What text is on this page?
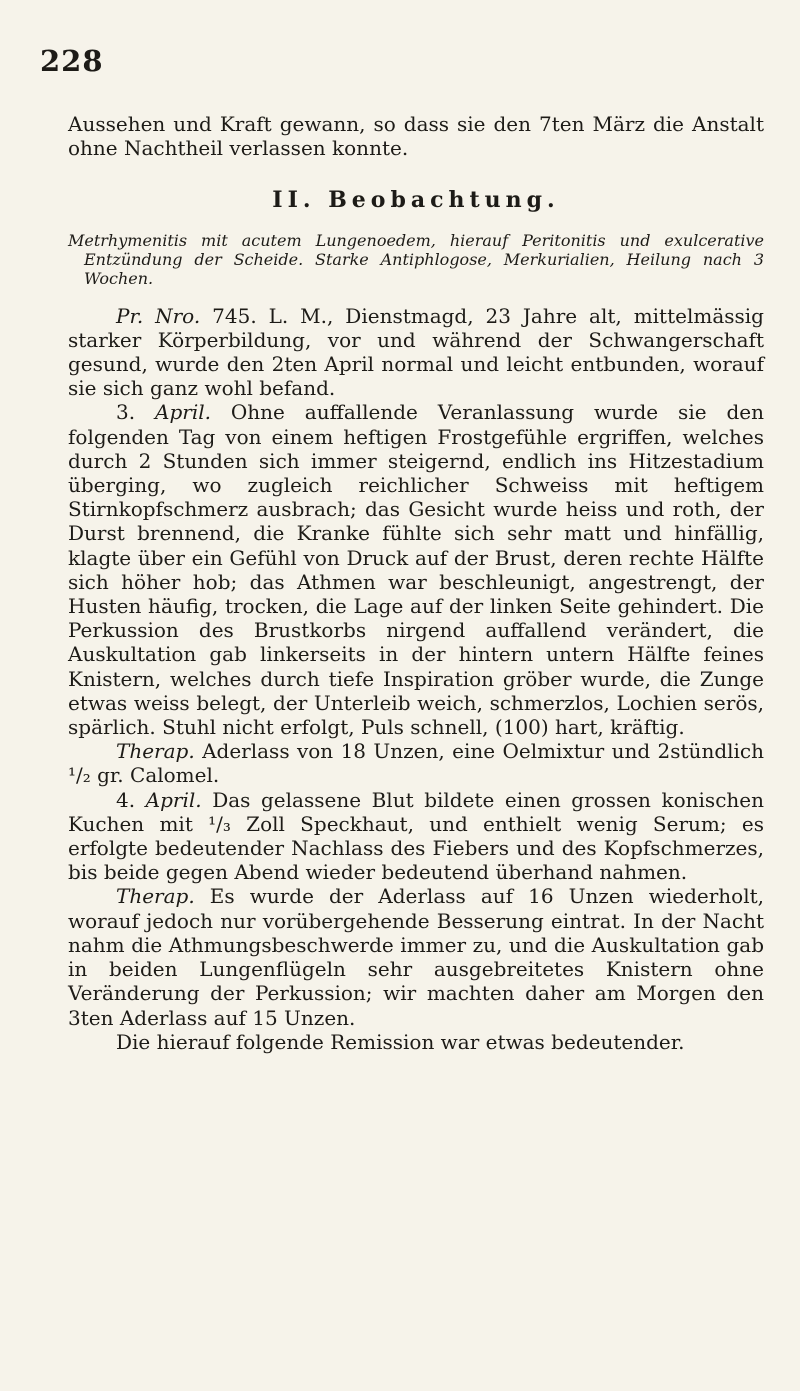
228

Aussehen und Kraft gewann, so dass sie den 7ten März die Anstalt ohne Nachtheil verlassen konnte.

II. Beobachtung.

Metrhymenitis mit acutem Lungenoedem, hierauf Peritonitis und exulcerative Entzündung der Scheide. Starke Antiphlogose, Merkurialien, Heilung nach 3 Wochen.

Pr. Nro. 745. L. M., Dienstmagd, 23 Jahre alt, mittelmässig starker Körperbildung, vor und während der Schwangerschaft gesund, wurde den 2ten April normal und leicht entbunden, worauf sie sich ganz wohl befand.

3. April. Ohne auffallende Veranlassung wurde sie den folgenden Tag von einem heftigen Frostgefühle ergriffen, welches durch 2 Stunden sich immer steigernd, endlich ins Hitzestadium überging, wo zugleich reichlicher Schweiss mit heftigem Stirnkopfschmerz ausbrach; das Gesicht wurde heiss und roth, der Durst brennend, die Kranke fühlte sich sehr matt und hinfällig, klagte über ein Gefühl von Druck auf der Brust, deren rechte Hälfte sich höher hob; das Athmen war beschleunigt, angestrengt, der Husten häufig, trocken, die Lage auf der linken Seite gehindert. Die Perkussion des Brustkorbs nirgend auffallend verändert, die Auskultation gab linkerseits in der hintern untern Hälfte feines Knistern, welches durch tiefe Inspiration gröber wurde, die Zunge etwas weiss belegt, der Unterleib weich, schmerzlos, Lochien serös, spärlich. Stuhl nicht erfolgt, Puls schnell, (100) hart, kräftig.

Therap. Aderlass von 18 Unzen, eine Oelmixtur und 2stündlich ¹/₂ gr. Calomel.

4. April. Das gelassene Blut bildete einen grossen konischen Kuchen mit ¹/₃ Zoll Speckhaut, und enthielt wenig Serum; es erfolgte bedeutender Nachlass des Fiebers und des Kopfschmerzes, bis beide gegen Abend wieder bedeutend überhand nahmen.

Therap. Es wurde der Aderlass auf 16 Unzen wiederholt, worauf jedoch nur vorübergehende Besserung eintrat. In der Nacht nahm die Athmungsbeschwerde immer zu, und die Auskultation gab in beiden Lungenflügeln sehr ausgebreitetes Knistern ohne Veränderung der Perkussion; wir machten daher am Morgen den 3ten Aderlass auf 15 Unzen.

Die hierauf folgende Remission war etwas bedeutender.
